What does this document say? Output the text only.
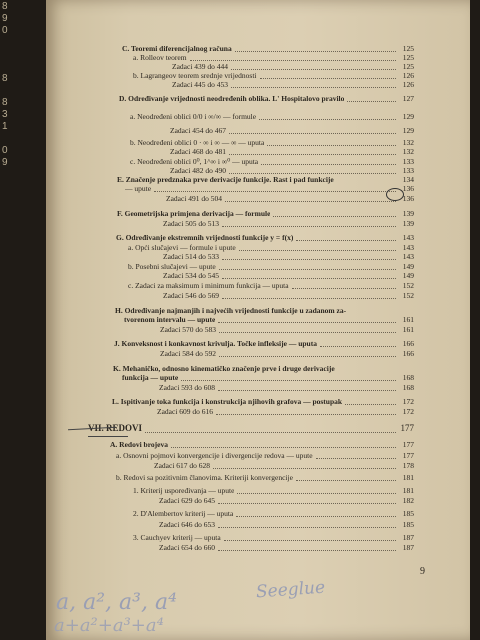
8
9
0
8
8
3
1
0
9
C. Teoremi diferencijalnog računa	125
a. Rolleov teorem	125
Zadaci 439 do 444	125
b. Lagrangeov teorem srednje vrijednosti	126
Zadaci 445 do 453	126
D. Određivanje vrijednosti neodređenih oblika. L' Hospitalovo pravilo	127
a. Neodređeni oblici 0/0 i ∞/∞ — formule	129
Zadaci 454 do 467	129
b. Neodređeni oblici 0 · ∞ i ∞ — ∞ — uputa	132
Zadaci 468 do 481	132
c. Neodređeni oblici 0⁰, 1^∞ i ∞⁰ — uputa	133
Zadaci 482 do 490	133
E. Značenje predznaka prve derivacije funkcije. Rast i pad funkcije	134
— upute	136
Zadaci 491 do 504	136
F. Geometrijska primjena derivacija — formule	139
Zadaci 505 do 513	139
G. Određivanje ekstremnih vrijednosti funkcije y = f(x)	143
a. Opći slučajevi — formule i upute	143
Zadaci 514 do 533	143
b. Posebni slučajevi — upute	149
Zadaci 534 do 545	149
c. Zadaci za maksimum i minimum funkcija — uputa	152
Zadaci 546 do 569	152
H. Određivanje najmanjih i najvećih vrijednosti funkcije u zadanom za-
tvorenom intervalu — upute	161
Zadaci 570 do 583	161
J. Konveksnost i konkavnost krivulja. Točke infleksije — uputa	166
Zadaci 584 do 592	166
K. Mehaničko, odnosno kinematičko značenje prve i druge derivacije
funkcija — upute	168
Zadaci 593 do 608	168
L. Ispitivanje toka funkcija i konstrukcija njihovih grafova — postupak	172
Zadaci 609 do 616	172
VII. REDOVI	177
A. Redovi brojeva	177
a. Osnovni pojmovi konvergencije i divergencije redova — upute	177
Zadaci 617 do 628	178
b. Redovi sa pozitivnim članovima. Kriteriji konvergencije	181
1. Kriterij uspoređivanja — upute	181
Zadaci 629 do 645	182
2. D'Alembertov kriterij — uputa	185
Zadaci 646 do 653	185
3. Cauchyev kriterij — uputa	187
Zadaci 654 do 660	187
9
a, a², a³, a⁴	Seeglue
a+a²+a³+a⁴
